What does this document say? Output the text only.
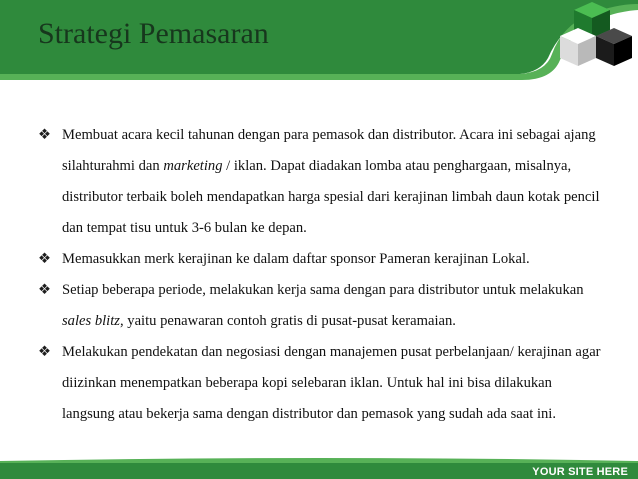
Strategi Pemasaran

❖ Membuat acara kecil tahunan dengan para pemasok dan distributor. Acara ini sebagai ajang silahturahmi dan marketing / iklan. Dapat diadakan lomba atau penghargaan, misalnya, distributor terbaik boleh mendapatkan harga spesial dari kerajinan limbah daun kotak pencil dan tempat tisu untuk 3-6 bulan ke depan.

❖ Memasukkan merk kerajinan ke dalam daftar sponsor Pameran kerajinan Lokal.

❖ Setiap beberapa periode, melakukan kerja sama dengan para distributor untuk melakukan sales blitz, yaitu penawaran contoh gratis di pusat-pusat keramaian.

❖ Melakukan pendekatan dan negosiasi dengan manajemen pusat perbelanjaan/ kerajinan agar diizinkan menempatkan beberapa kopi selebaran iklan. Untuk hal ini bisa dilakukan langsung atau bekerja sama dengan distributor dan pemasok yang sudah ada saat ini.

YOUR SITE HERE
